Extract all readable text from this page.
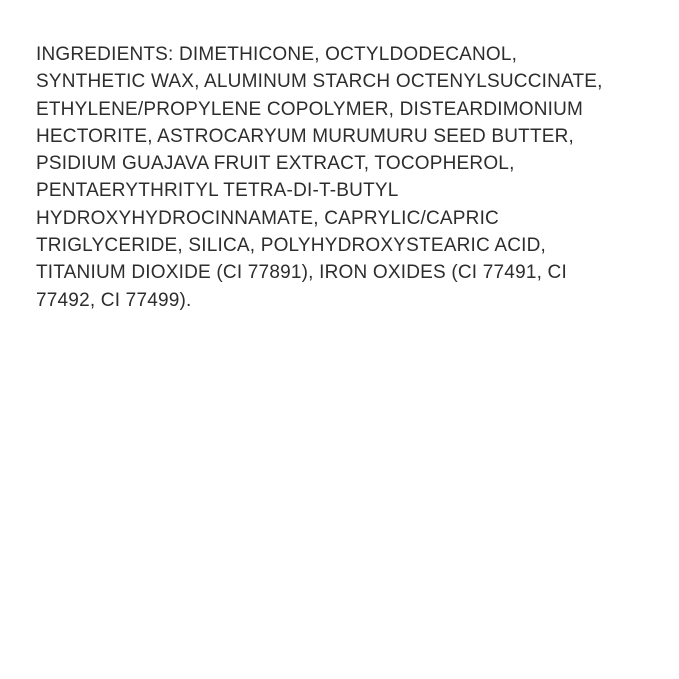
INGREDIENTS: DIMETHICONE, OCTYLDODECANOL,
SYNTHETIC WAX, ALUMINUM STARCH OCTENYLSUCCINATE,
ETHYLENE/PROPYLENE COPOLYMER, DISTEARDIMONIUM
HECTORITE, ASTROCARYUM MURUMURU SEED BUTTER,
PSIDIUM GUAJAVA FRUIT EXTRACT, TOCOPHEROL,
PENTAERYTHRITYL TETRA-DI-T-BUTYL
HYDROXYHYDROCINNAMATE, CAPRYLIC/CAPRIC
TRIGLYCERIDE, SILICA, POLYHYDROXYSTEARIC ACID,
TITANIUM DIOXIDE (CI 77891), IRON OXIDES (CI 77491, CI
77492, CI 77499).
